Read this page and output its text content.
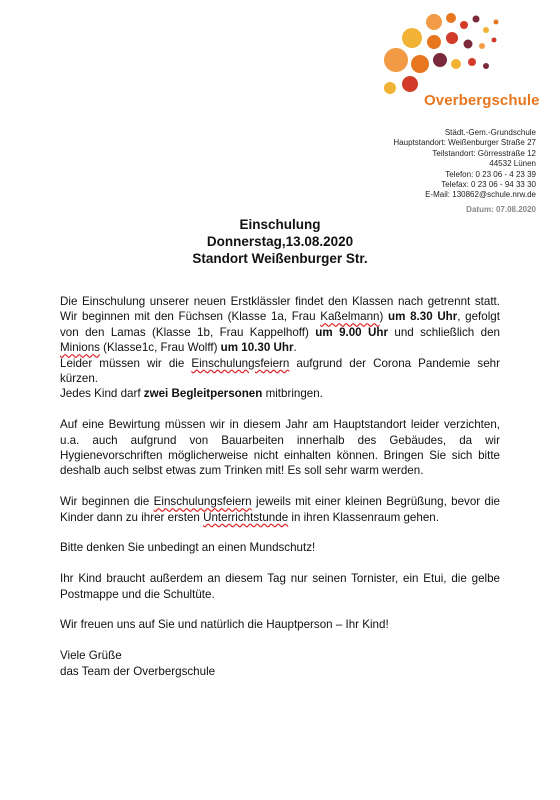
Overbergschule
Städt.-Gem.-Grundschule
Hauptstandort: Weißenburger Straße 27
Teilstandort: Görresstraße 12
44532 Lünen
Telefon: 0 23 06 - 4 23 39
Telefax: 0 23 06 - 94 33 30
E-Mail: 130862@schule.nrw.de
Datum: 07.08.2020
Einschulung
Donnerstag,13.08.2020
Standort Weißenburger Str.

Die Einschulung unserer neuen Erstklässler findet den Klassen nach getrennt statt. Wir beginnen mit den Füchsen (Klasse 1a, Frau Kaßelmann) um 8.30 Uhr, gefolgt von den Lamas (Klasse 1b, Frau Kappelhoff) um 9.00 Uhr und schließlich den Minions (Klasse1c, Frau Wolff) um 10.30 Uhr.
Leider müssen wir die Einschulungsfeiern aufgrund der Corona Pandemie sehr kürzen.
Jedes Kind darf zwei Begleitpersonen mitbringen.

Auf eine Bewirtung müssen wir in diesem Jahr am Hauptstandort leider verzichten, u.a. auch aufgrund von Bauarbeiten innerhalb des Gebäudes, da wir Hygienevorschriften möglicherweise nicht einhalten können. Bringen Sie sich bitte deshalb auch selbst etwas zum Trinken mit! Es soll sehr warm werden.

Wir beginnen die Einschulungsfeiern jeweils mit einer kleinen Begrüßung, bevor die Kinder dann zu ihrer ersten Unterrichtstunde in ihren Klassenraum gehen.

Bitte denken Sie unbedingt an einen Mundschutz!

Ihr Kind braucht außerdem an diesem Tag nur seinen Tornister, ein Etui, die gelbe Postmappe und die Schultüte.

Wir freuen uns auf Sie und natürlich die Hauptperson – Ihr Kind!

Viele Grüße
das Team der Overbergschule
